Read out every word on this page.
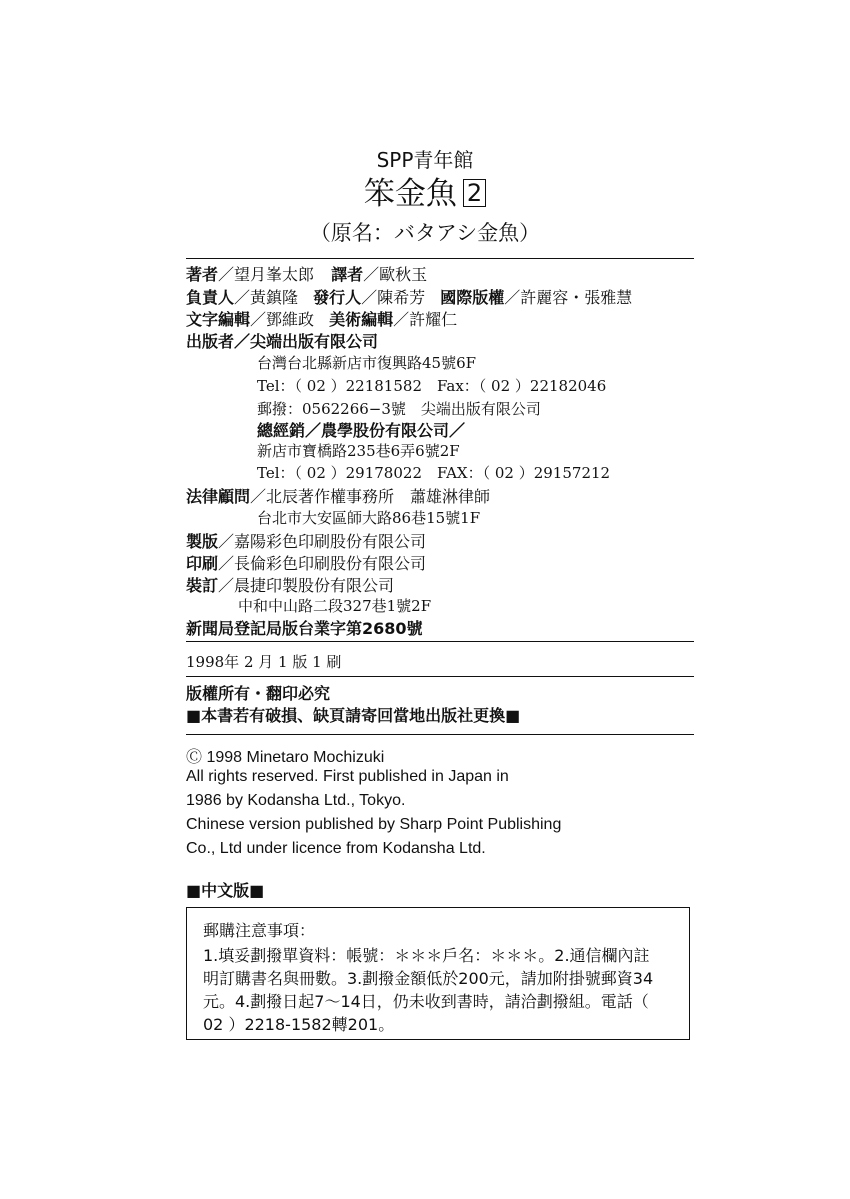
SPP青年館
笨金魚 2
（原名：バタアシ金魚）
著者／望月峯太郎 譯者／歐秋玉
負責人／黃鎮隆 發行人／陳希芳 國際版權／許麗容・張雅慧
文字編輯／鄧維政 美術編輯／許耀仁
出版者／尖端出版有限公司
台灣台北縣新店市復興路45號6F
Tel：（ 02 ）22181582　Fax：（ 02 ）22182046
郵撥：0562266−3號　尖端出版有限公司
總經銷／農學股份有限公司／
新店市寶橋路235巷6弄6號2F
Tel：（ 02 ）29178022　FAX：（ 02 ）29157212
法律顧問／北辰著作權事務所　蕭雄淋律師
台北市大安區師大路86巷15號1F
製版／嘉陽彩色印刷股份有限公司
印刷／長倫彩色印刷股份有限公司
裝訂／晨捷印製股份有限公司
中和中山路二段327巷1號2F
新聞局登記局版台業字第2680號
1998年 2 月 1 版 1 刷
版權所有・翻印必究
■本書若有破損、缺頁請寄回當地出版社更換■
Ⓒ 1998 Minetaro Mochizuki
All rights reserved. First published in Japan in
1986 by Kodansha Ltd., Tokyo.
Chinese version published by Sharp Point Publishing
Co., Ltd under licence from Kodansha Ltd.
■中文版■
郵購注意事項：
1.填妥劃撥單資料：帳號：＊＊＊戶名：＊＊＊。2.通信欄內註
明訂購書名與冊數。3.劃撥金額低於200元，請加附掛號郵資34
元。4.劃撥日起7～14日，仍未收到書時，請洽劃撥組。電話（
02 ）2218-1582轉201。
